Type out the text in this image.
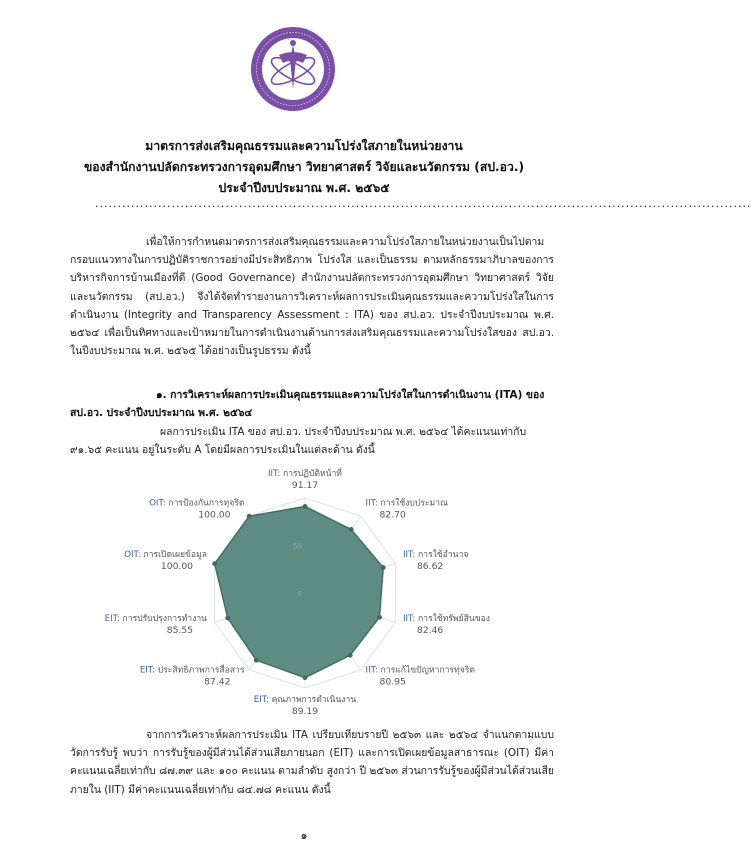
มาตรการส่งเสริมคุณธรรมและความโปร่งใสภายในหน่วยงาน
ของสำนักงานปลัดกระทรวงการอุดมศึกษา วิทยาศาสตร์ วิจัยและนวัตกรรม (สป.อว.)
ประจำปีงบประมาณ พ.ศ. ๒๕๖๕
..................................................................................................................................................
เพื่อให้การกำหนดมาตรการส่งเสริมคุณธรรมและความโปร่งใสภายในหน่วยงานเป็นไปตามกรอบแนวทางในการปฏิบัติราชการอย่างมีประสิทธิภาพ โปร่งใส และเป็นธรรม ตามหลักธรรมาภิบาลของการบริหารกิจการบ้านเมืองที่ดี (Good Governance) สำนักงานปลัดกระทรวงการอุดมศึกษา วิทยาศาสตร์ วิจัยและนวัตกรรม (สป.อว.) จึงได้จัดทำรายงานการวิเคราะห์ผลการประเมินคุณธรรมและความโปร่งใสในการดำเนินงาน (Integrity and Transparency Assessment : ITA) ของ สป.อว. ประจำปีงบประมาณ พ.ศ. ๒๕๖๔ เพื่อเป็นทิศทางและเป้าหมายในการดำเนินงานด้านการส่งเสริมคุณธรรมและความโปร่งใสของ สป.อว. ในปีงบประมาณ พ.ศ. ๒๕๖๕ ได้อย่างเป็นรูปธรรม ดังนี้
๑. การวิเคราะห์ผลการประเมินคุณธรรมและความโปร่งใสในการดำเนินงาน (ITA) ของ สป.อว. ประจำปีงบประมาณ พ.ศ. ๒๕๖๔
ผลการประเมิน ITA ของ สป.อว. ประจำปีงบประมาณ พ.ศ. ๒๕๖๔ ได้คะแนนเท่ากับ ๙๑.๖๕ คะแนน อยู่ในระดับ A โดยมีผลการประเมินในแต่ละด้าน ดังนี้
0
50
IIT: การปฏิบัติหน้าที่
91.17
IIT: การใช้งบประมาณ
82.70
IIT: การใช้อำนาจ
86.62
IIT: การใช้ทรัพย์สินของ
82.46
IIT: การแก้ไขปัญหาการทุจริต
80.95
EIT: คุณภาพการดำเนินงาน
89.19
EIT: ประสิทธิภาพการสื่อสาร
87.42
EIT: การปรับปรุงการทำงาน
85.55
OIT: การเปิดเผยข้อมูล
100.00
OIT: การป้องกันการทุจริต
100.00
จากการวิเคราะห์ผลการประเมิน ITA เปรียบเทียบรายปี ๒๕๖๓ และ ๒๕๖๔ จำแนกตามแบบวัดการรับรู้ พบว่า การรับรู้ของผู้มีส่วนได้ส่วนเสียภายนอก (EIT) และการเปิดเผยข้อมูลสาธารณะ (OIT) มีค่าคะแนนเฉลี่ยเท่ากับ ๘๗.๓๙ และ ๑๐๐ คะแนน ตามลำดับ สูงกว่า ปี ๒๕๖๓ ส่วนการรับรู้ของผู้มีส่วนได้ส่วนเสียภายใน (IIT) มีค่าคะแนนเฉลี่ยเท่ากับ ๘๔.๗๘ คะแนน ดังนี้
๑
